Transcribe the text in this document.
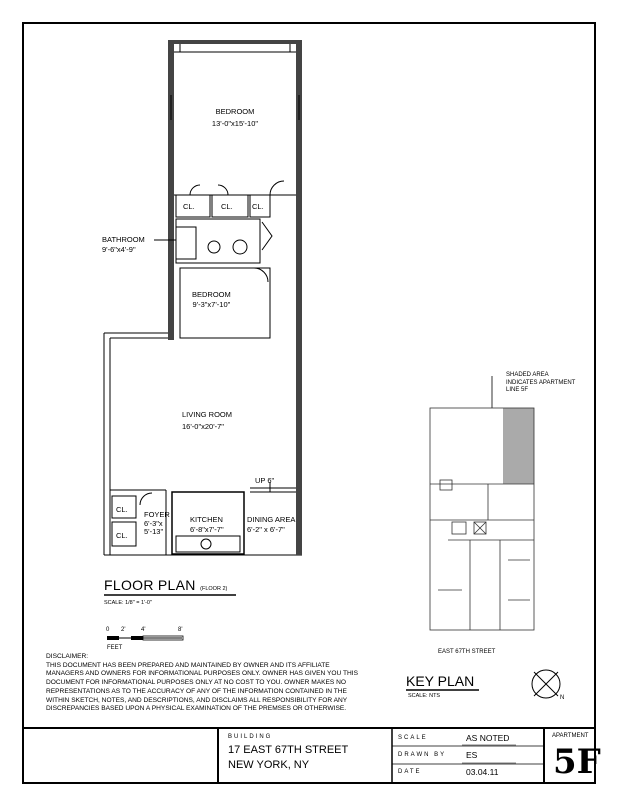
BEDROOM
13'-0"x15'-10"
CL.	CL.	CL.
BATHROOM
9'-6"x4'-9"
BEDROOM
9'-3"x7'-10"
LIVING ROOM
16'-0"x20'-7"
UP 6"
CL.
CL.
FOYER
6'-3"x
5'-13"
KITCHEN
6'-8"x7'-7"
DINING AREA
6'-2" x 6'-7"
FLOOR PLAN (FLOOR 2)
SCALE: 1/8" = 1'-0"
0 2'	4'	8'
FEET
DISCLAIMER:
THIS DOCUMENT HAS BEEN PREPARED AND MAINTAINED BY OWNER AND ITS AFFILIATE MANAGERS AND OWNERS FOR INFORMATIONAL PURPOSES ONLY. OWNER HAS GIVEN YOU THIS DOCUMENT FOR INFORMATIONAL PURPOSES ONLY AT NO COST TO YOU. OWNER MAKES NO REPRESENTATIONS AS TO THE ACCURACY OF ANY OF THE INFORMATION CONTAINED IN THE WITHIN SKETCH, NOTES, AND DESCRIPTIONS, AND DISCLAIMS ALL RESPONSIBILITY FOR ANY DISCREPANCIES BASED UPON A PHYSICAL EXAMINATION OF THE PREMSES OR OTHERWISE.
SHADED AREA
INDICATES APARTMENT
LINE 5F
EAST 67TH STREET
KEY PLAN
SCALE: NTS	N
BUILDING
17 EAST 67TH STREET
NEW YORK, NY
SCALE	AS NOTED
DRAWN BY ES
DATE	03.04.11
APARTMENT
5F
